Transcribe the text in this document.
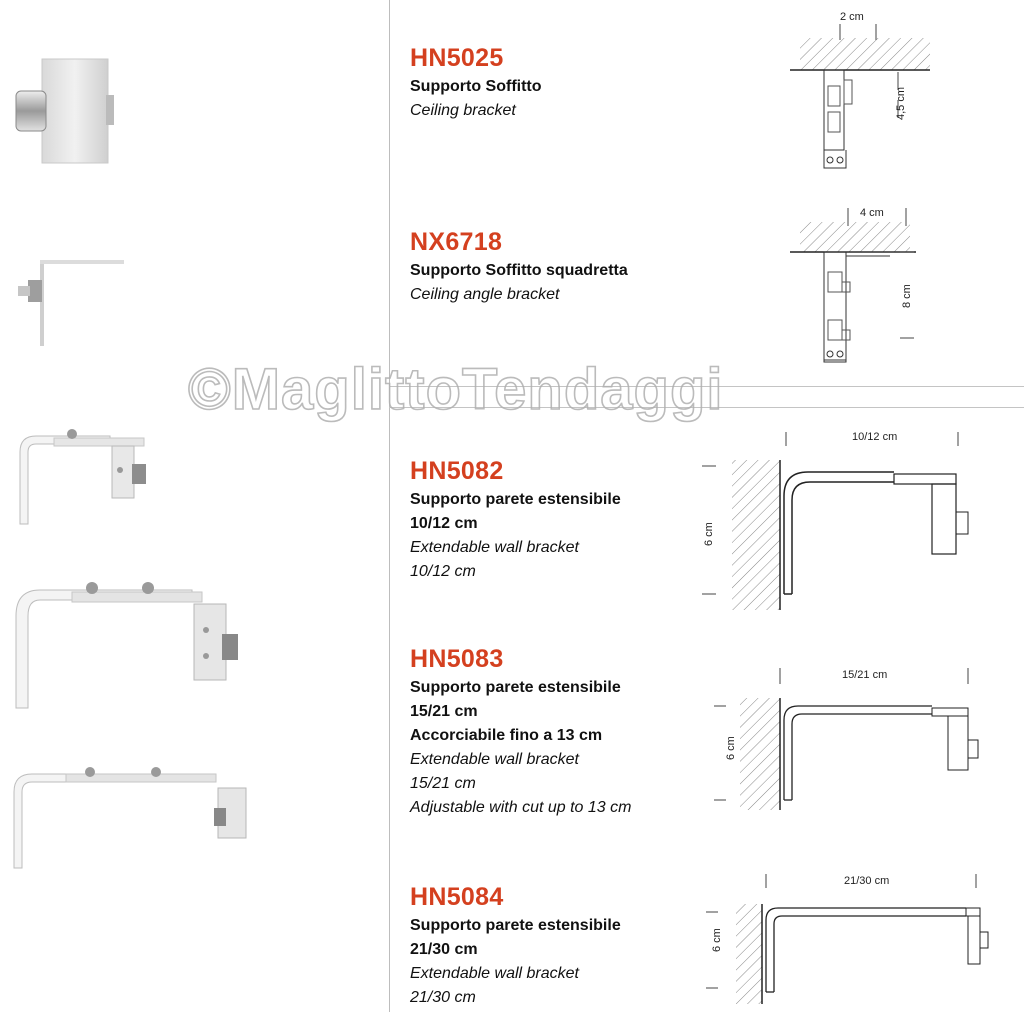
HN5025
Supporto Soffitto
Ceiling bracket
NX6718
Supporto Soffitto squadretta
Ceiling angle bracket
HN5082
Supporto parete estensibile
10/12 cm
Extendable wall bracket
10/12 cm
HN5083
Supporto parete estensibile
15/21 cm
Accorciabile fino a 13 cm
Extendable wall bracket
15/21 cm
Adjustable with cut up to 13 cm
HN5084
Supporto parete estensibile
21/30 cm
Extendable wall bracket
21/30 cm
2 cm
4,5 cm
4 cm
8 cm
10/12 cm
6 cm
15/21 cm
6 cm
21/30 cm
6 cm
©MaglittoTendaggi
